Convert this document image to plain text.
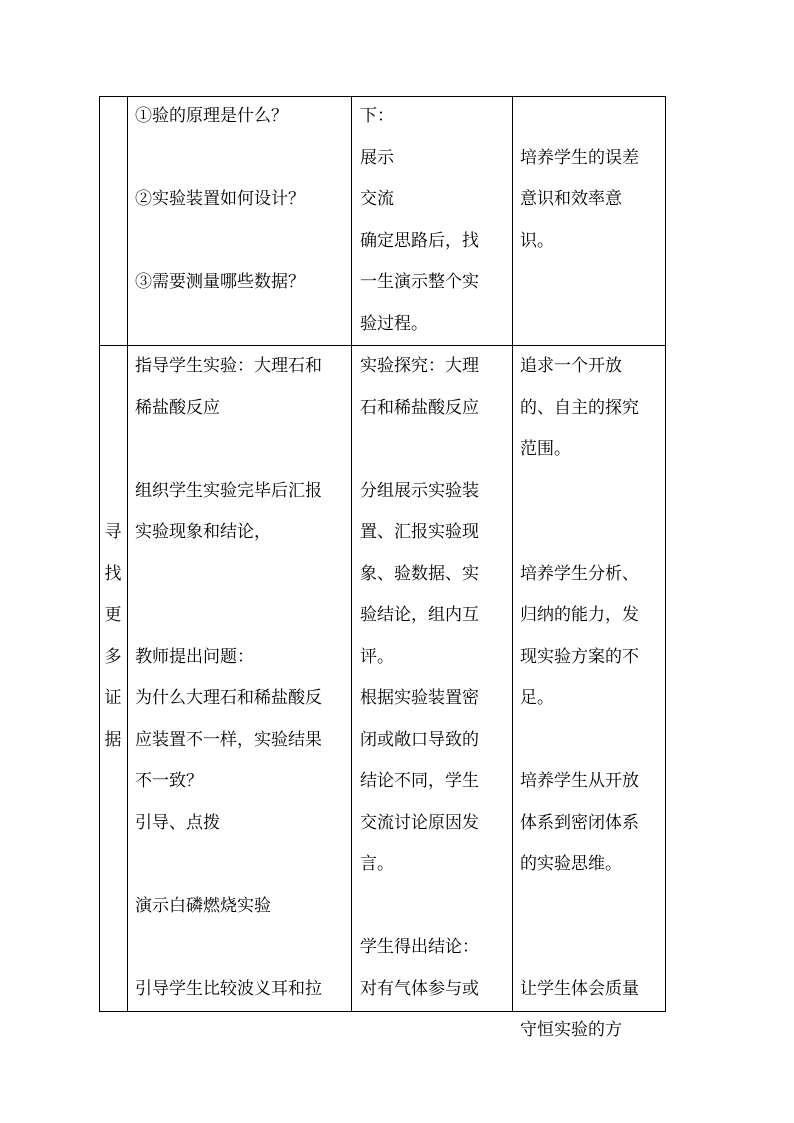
①验的原理是什么？
②实验装置如何设计？
③需要测量哪些数据？
下：
展示
交流
确定思路后，找
一生演示整个实
验过程。
培养学生的误差
意识和效率意
识。
寻
找
更
多
证
据
指导学生实验：大理石和
稀盐酸反应
组织学生实验完毕后汇报
实验现象和结论，
教师提出问题：
为什么大理石和稀盐酸反
应装置不一样，实验结果
不一致？
引导、点拨
演示白磷燃烧实验
引导学生比较波义耳和拉
实验探究：大理
石和稀盐酸反应
分组展示实验装
置、汇报实验现
象、验数据、实
验结论，组内互
评。
根据实验装置密
闭或敞口导致的
结论不同，学生
交流讨论原因发
言。
学生得出结论：
对有气体参与或
追求一个开放
的、自主的探究
范围。
培养学生分析、
归纳的能力，发
现实验方案的不
足。
培养学生从开放
体系到密闭体系
的实验思维。
让学生体会质量
守恒实验的方
